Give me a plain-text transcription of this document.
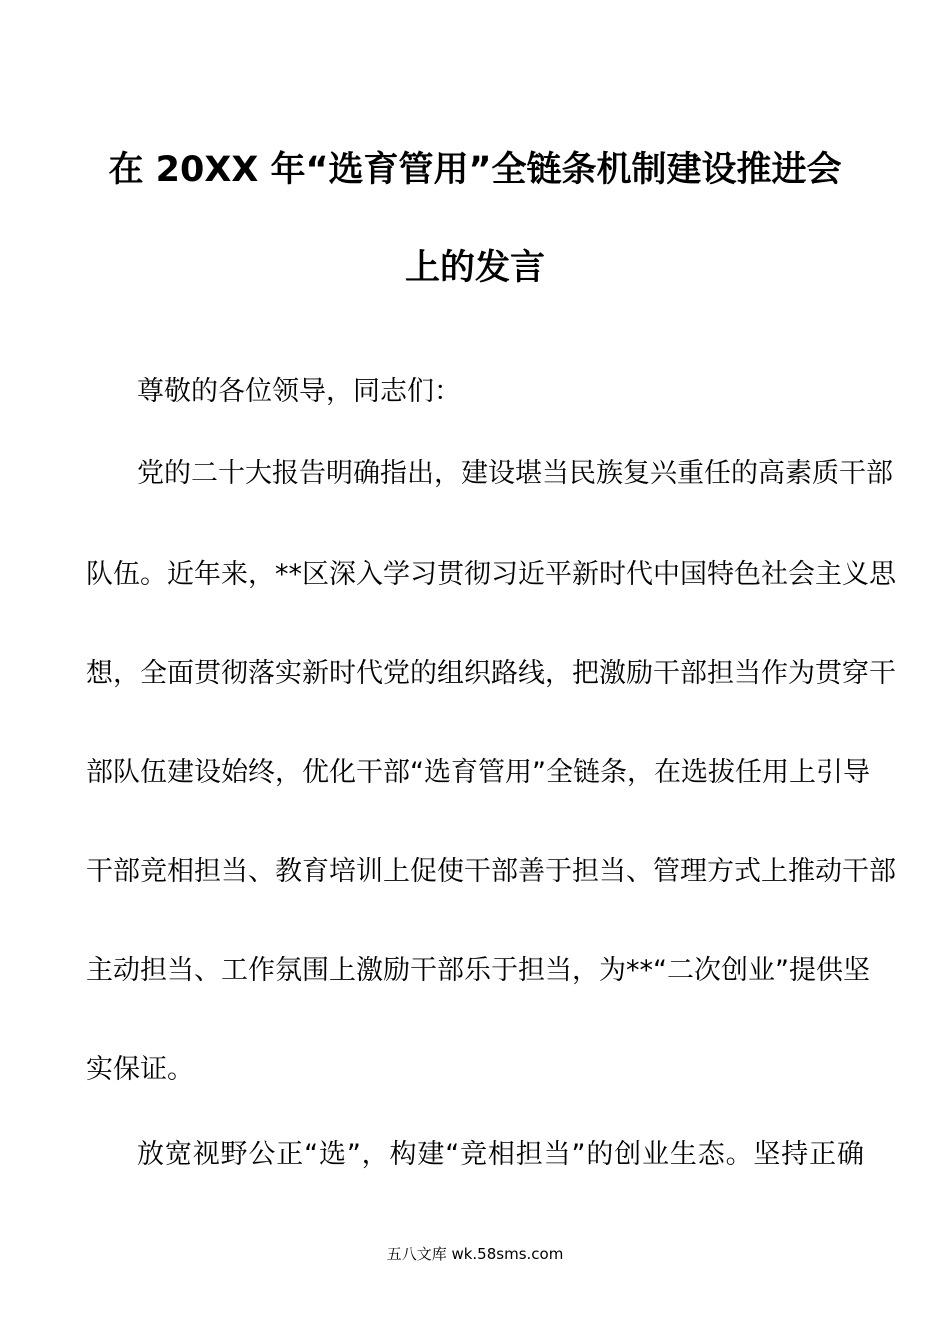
在 20XX 年“选育管用”全链条机制建设推进会
上的发言

尊敬的各位领导，同志们：

党的二十大报告明确指出，建设堪当民族复兴重任的高素质干部

队伍。近年来，**区深入学习贯彻习近平新时代中国特色社会主义思

想，全面贯彻落实新时代党的组织路线，把激励干部担当作为贯穿干

部队伍建设始终，优化干部“选育管用”全链条，在选拔任用上引导

干部竞相担当、教育培训上促使干部善于担当、管理方式上推动干部

主动担当、工作氛围上激励干部乐于担当，为**“二次创业”提供坚

实保证。

放宽视野公正“选”，构建“竞相担当”的创业生态。坚持正确

五八文库 wk.58sms.com
